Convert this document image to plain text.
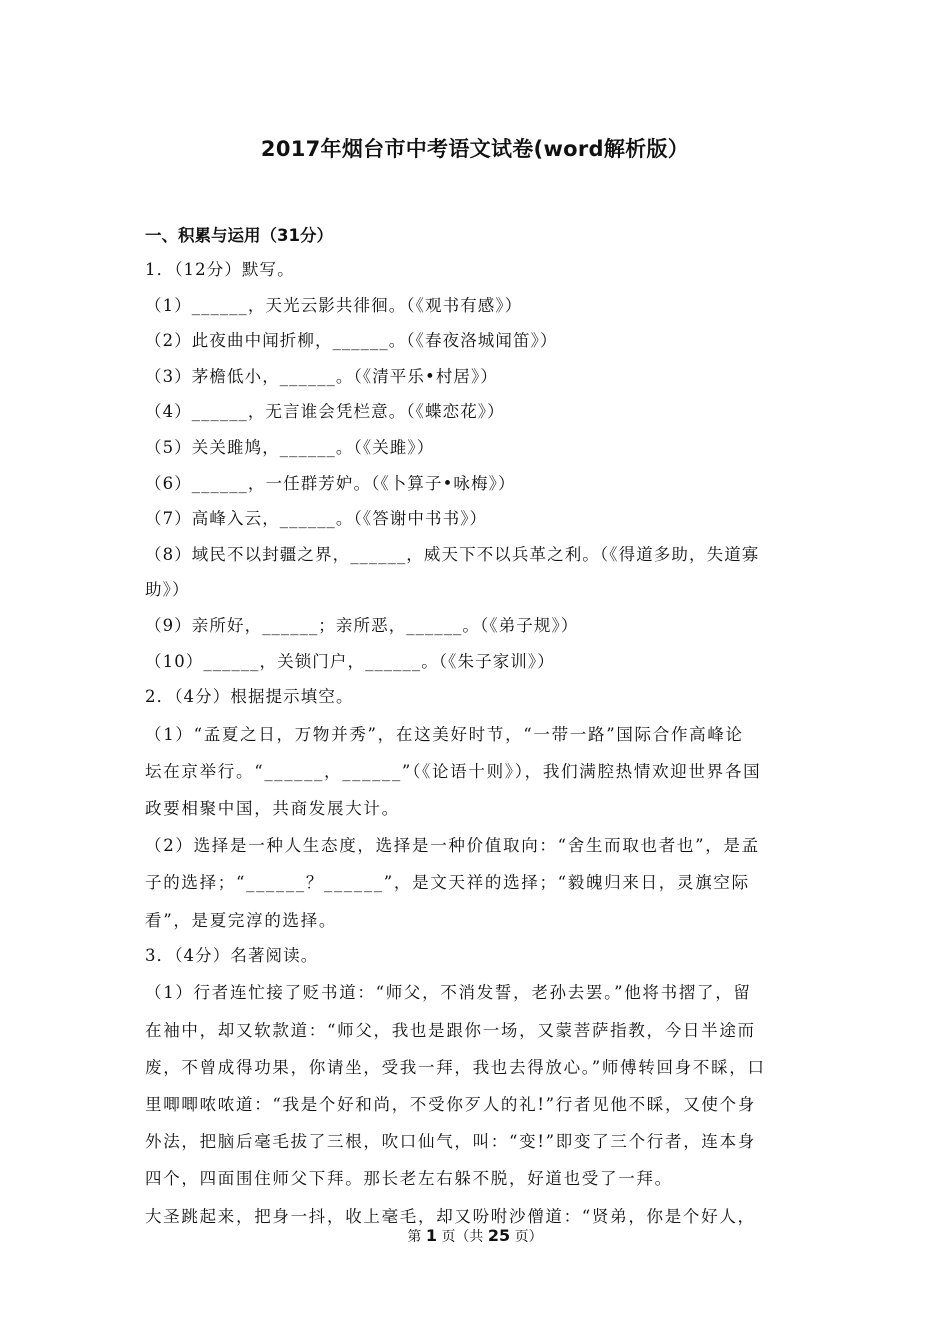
2017年烟台市中考语文试卷(word解析版）
一、积累与运用（31分）
1．（12分）默写。
（1）______，天光云影共徘徊。（《观书有感》）
（2）此夜曲中闻折柳，______。（《春夜洛城闻笛》）
（3）茅檐低小，______。（《清平乐•村居》）
（4）______，无言谁会凭栏意。（《蝶恋花》）
（5）关关雎鸠，______。（《关雎》）
（6）______，一任群芳妒。（《卜算子•咏梅》）
（7）高峰入云，______。（《答谢中书书》）
（8）域民不以封疆之界，______，威天下不以兵革之利。（《得道多助，失道寡
助》）
（9）亲所好，______；亲所恶，______。（《弟子规》）
（10）______，关锁门户，______。（《朱子家训》）
2．（4分）根据提示填空。
（1）“孟夏之日，万物并秀”，在这美好时节，“一带一路”国际合作高峰论
坛在京举行。“______，______”（《论语十则》），我们满腔热情欢迎世界各国
政要相聚中国，共商发展大计。
（2）选择是一种人生态度，选择是一种价值取向：“舍生而取也者也”，是孟
子的选择；“______？______”，是文天祥的选择；“毅魄归来日，灵旗空际
看”，是夏完淳的选择。
3．（4分）名著阅读。
（1）行者连忙接了贬书道：“师父，不消发誓，老孙去罢。”他将书摺了，留
在袖中，却又软款道：“师父，我也是跟你一场，又蒙菩萨指教，今日半途而
废，不曾成得功果，你请坐，受我一拜，我也去得放心。”师傅转回身不睬，口
里唧唧哝哝道：“我是个好和尚，不受你歹人的礼!”行者见他不睬，又使个身
外法，把脑后毫毛拔了三根，吹口仙气，叫：“变!”即变了三个行者，连本身
四个，四面围住师父下拜。那长老左右躲不脱，好道也受了一拜。
大圣跳起来，把身一抖，收上毫毛，却又吩咐沙僧道：“贤弟，你是个好人，
第 1 页（共 25 页）
